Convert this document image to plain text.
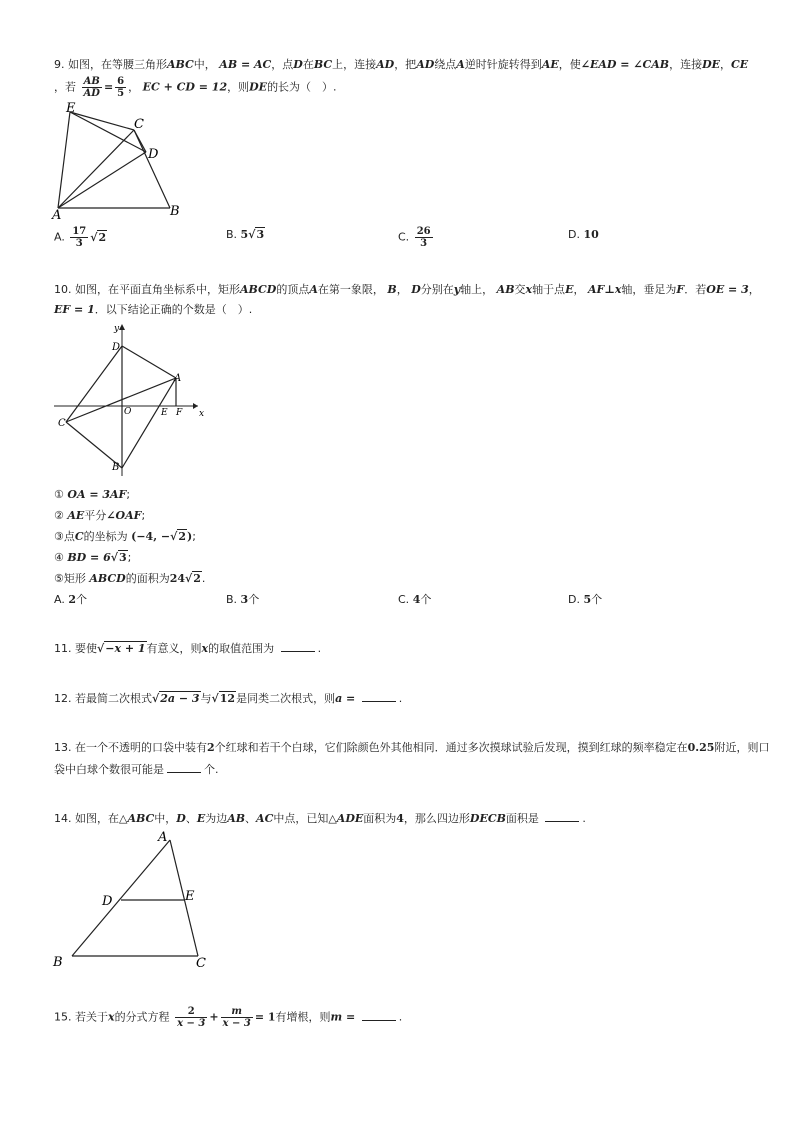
9. 如图，在等腰三角形ABC中， AB = AC，点D在BC上，连接AD，把AD绕点A逆时针旋转得到AE，使∠EAD = ∠CAB，连接DE，CE
，若 $\frac{AB}{AD} = \frac{6}{5}$ ， EC + CD = 12，则DE的长为（　）.
E
C
D
A	B
A. $\frac{17}{3} √2$	B. 5√3	C. $\frac{26}{3}$	D. 10
10. 如图，在平面直角坐标系中，矩形ABCD的顶点A在第一象限， B， D分别在y轴上， AB交x轴于点E， AF⊥x轴，垂足为F．若OE = 3，
EF = 1．以下结论正确的个数是（　）.
y
x
D
A
O	E F
C
B
① OA = 3AF;
② AE平分∠OAF;
③点C的坐标为 (−4, −√2);
④ BD = 6√3;
⑤矩形 ABCD的面积为24√2.
A. 2个	B. 3个	C. 4个	D. 5个
11. 要使√−x + 1有意义，则x的取值范围为	.
12. 若最简二次根式√2a − 3与√12是同类二次根式，则a =	.
13. 在一个不透明的口袋中装有2个红球和若干个白球，它们除颜色外其他相同．通过多次摸球试验后发现，摸到红球的频率稳定在0.25附近，则口
袋中白球个数很可能是	个.
14. 如图，在△ABC中，D、E为边AB、AC中点，已知△ADE面积为4，那么四边形DECB面积是	.
A
D	E
B	C
15. 若关于x的分式方程 $\frac{2}{x - 3} + \frac{m}{x - 3} = 1$有增根，则m =	.
